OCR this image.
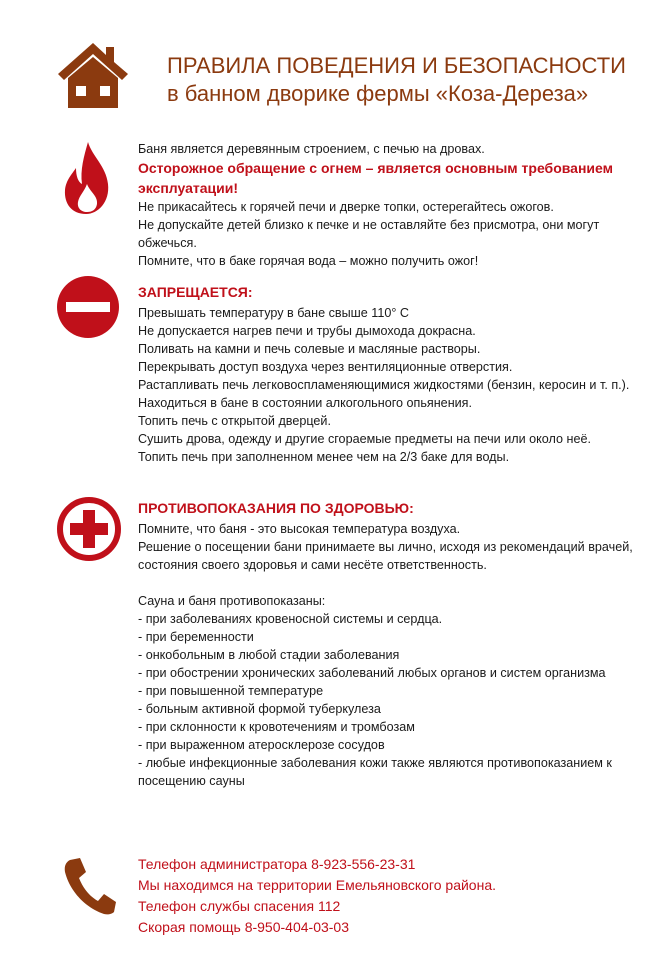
ПРАВИЛА ПОВЕДЕНИЯ И БЕЗОПАСНОСТИ
в банном дворике фермы «Коза-Дереза»

Баня является деревянным строением, с печью на дровах.

Осторожное обращение с огнем – является основным требованием эксплуатации!

Не прикасайтесь к горячей печи и дверке топки, остерегайтесь ожогов.

Не допускайте детей близко к печке и не оставляйте без присмотра, они могут обжечься.

Помните, что в баке горячая вода – можно получить ожог!

ЗАПРЕЩАЕТСЯ:

Превышать температуру в бане свыше 110° С

Не допускается нагрев печи и трубы дымохода докрасна.

Поливать на камни и печь солевые и масляные растворы.

Перекрывать доступ воздуха через вентиляционные отверстия.

Растапливать печь легковоспламеняющимися жидкостями (бензин, керосин и т. п.).

Находиться в бане в состоянии алкогольного опьянения.

Топить печь с открытой дверцей.

Сушить дрова, одежду и другие сгораемые предметы на печи или около неё.

Топить печь при заполненном менее чем на 2/3 баке для воды.

ПРОТИВОПОКАЗАНИЯ ПО ЗДОРОВЬЮ:

Помните, что баня - это высокая температура воздуха.

Решение о посещении бани принимаете вы лично, исходя из рекомендаций врачей, состояния своего здоровья и сами несёте ответственность.

Сауна и баня противопоказаны:

- при заболеваниях кровеносной системы и сердца.

- при беременности

- онкобольным в любой стадии заболевания

- при обострении хронических заболеваний любых органов и систем организма

- при повышенной температуре

- больным активной формой туберкулеза

- при склонности к кровотечениям и тромбозам

- при выраженном атеросклерозе сосудов

- любые инфекционные заболевания кожи также являются противопоказанием к посещению сауны

Телефон администратора 8-923-556-23-31

Мы находимся на территории Емельяновского района.

Телефон службы спасения 112

Скорая помощь 8-950-404-03-03
